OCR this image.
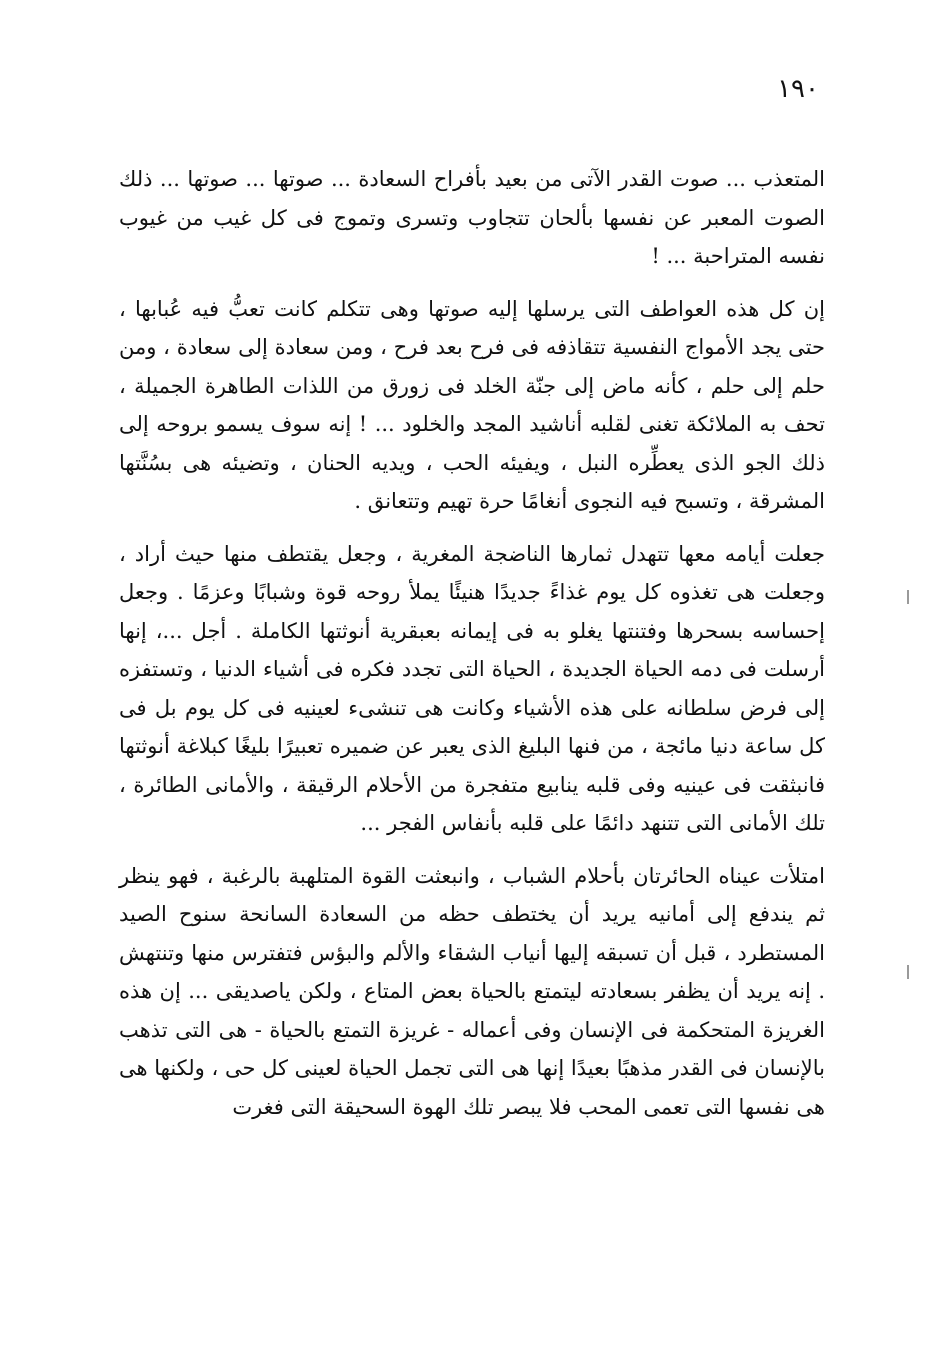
١٩٠

المتعذب ... صوت القدر الآتى من بعيد بأفراح السعادة ... صوتها ... صوتها ... ذلك الصوت المعبر عن نفسها بألحان تتجاوب وتسرى وتموج فى كل غيب من غيوب نفسه المتراحبة ... !

إن كل هذه العواطف التى يرسلها إليه صوتها وهى تتكلم كانت تعبُّ فيه عُبابها ، حتى يجد الأمواج النفسية تتقاذفه فى فرح بعد فرح ، ومن سعادة إلى سعادة ، ومن حلم إلى حلم ، كأنه ماض إلى جنّة الخلد فى زورق من اللذات الطاهرة الجميلة ، تحف به الملائكة تغنى لقلبه أناشيد المجد والخلود ... ! إنه سوف يسمو بروحه إلى ذلك الجو الذى يعطِّره النبل ، ويفيئه الحب ، ويديه الحنان ، وتضيئه هى بسُنَّتها المشرقة ، وتسبح فيه النجوى أنغامًا حرة تهيم وتتعانق .

جعلت أيامه معها تتهدل ثمارها الناضجة المغرية ، وجعل يقتطف منها حيث أراد ، وجعلت هى تغذوه كل يوم غذاءً جديدًا هنيئًا يملأ روحه قوة وشبابًا وعزمًا . وجعل إحساسه بسحرها وفتنتها يغلو به فى إيمانه بعبقرية أنوثتها الكاملة . أجل ...، إنها أرسلت فى دمه الحياة الجديدة ، الحياة التى تجدد فكره فى أشياء الدنيا ، وتستفزه إلى فرض سلطانه على هذه الأشياء وكانت هى تنشىء لعينيه فى كل يوم بل فى كل ساعة دنيا مائجة ، من فنها البليغ الذى يعبر عن ضميره تعبيرًا بليغًا كبلاغة أنوثتها فانبثقت فى عينيه وفى قلبه ينابيع متفجرة من الأحلام الرقيقة ، والأمانى الطائرة ، تلك الأمانى التى تتنهد دائمًا على قلبه بأنفاس الفجر ...

امتلأت عيناه الحائرتان بأحلام الشباب ، وانبعثت القوة المتلهبة بالرغبة ، فهو ينظر ثم يندفع إلى أمانيه يريد أن يختطف حظه من السعادة السانحة سنوح الصيد المستطرد ، قبل أن تسبقه إليها أنياب الشقاء والألم والبؤس فتفترس منها وتنتهش . إنه يريد أن يظفر بسعادته ليتمتع بالحياة بعض المتاع ، ولكن ياصديقى ... إن هذه الغريزة المتحكمة فى الإنسان وفى أعماله - غريزة التمتع بالحياة - هى التى تذهب بالإنسان فى القدر مذهبًا بعيدًا إنها هى التى تجمل الحياة لعينى كل حى ، ولكنها هى هى نفسها التى تعمى المحب فلا يبصر تلك الهوة السحيقة التى فغرت
